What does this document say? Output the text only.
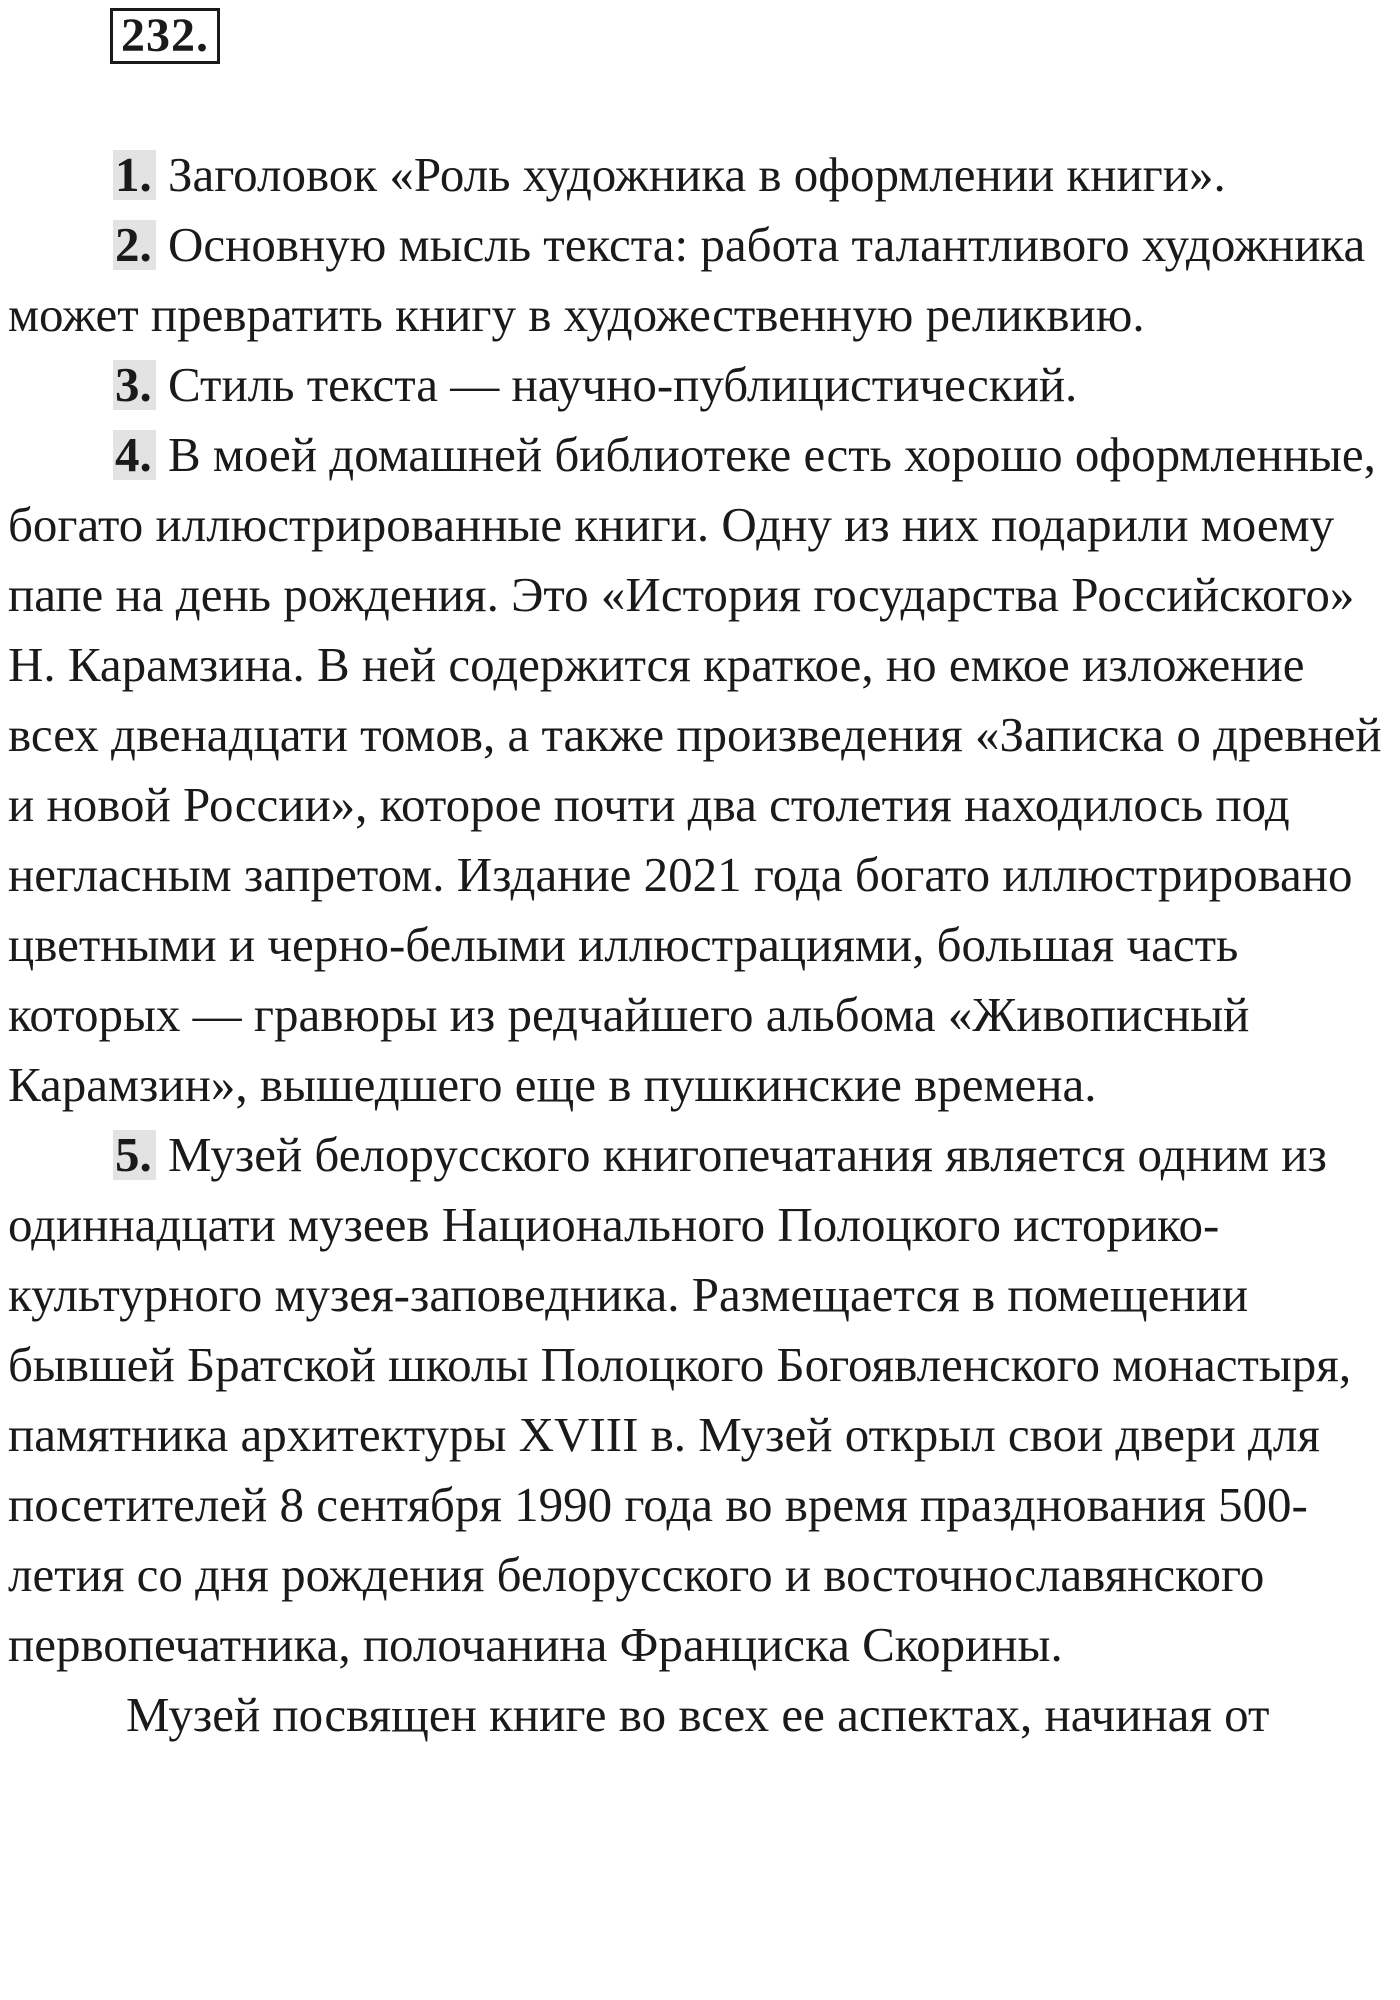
232.

1. Заголовок «Роль художника в оформлении книги».

2. Основную мысль текста: работа талантливого художника может превратить книгу в художественную реликвию.

3. Стиль текста — научно-публицистический.

4. В моей домашней библиотеке есть хорошо оформленные, богато иллюстрированные книги. Одну из них подарили моему папе на день рождения. Это «История государства Российского» Н. Карамзина. В ней содержится краткое, но емкое изложение всех двенадцати томов, а также произведения «Записка о древней и новой России», которое почти два столетия находилось под негласным запретом. Издание 2021 года богато иллюстрировано цветными и черно-белыми иллюстрациями, большая часть которых — гравюры из редчайшего альбома «Живописный Карамзин», вышедшего еще в пушкинские времена.

5. Музей белорусского книгопечатания является одним из одиннадцати музеев Национального Полоцкого историко-культурного музея-заповедника. Размещается в помещении бывшей Братской школы Полоцкого Богоявленского монастыря, памятника архитектуры XVIII в. Музей открыл свои двери для посетителей 8 сентября 1990 года во время празднования 500-летия со дня рождения белорусского и восточнославянского первопечатника, полочанина Франциска Скорины.

Музей посвящен книге во всех ее аспектах, начиная от
